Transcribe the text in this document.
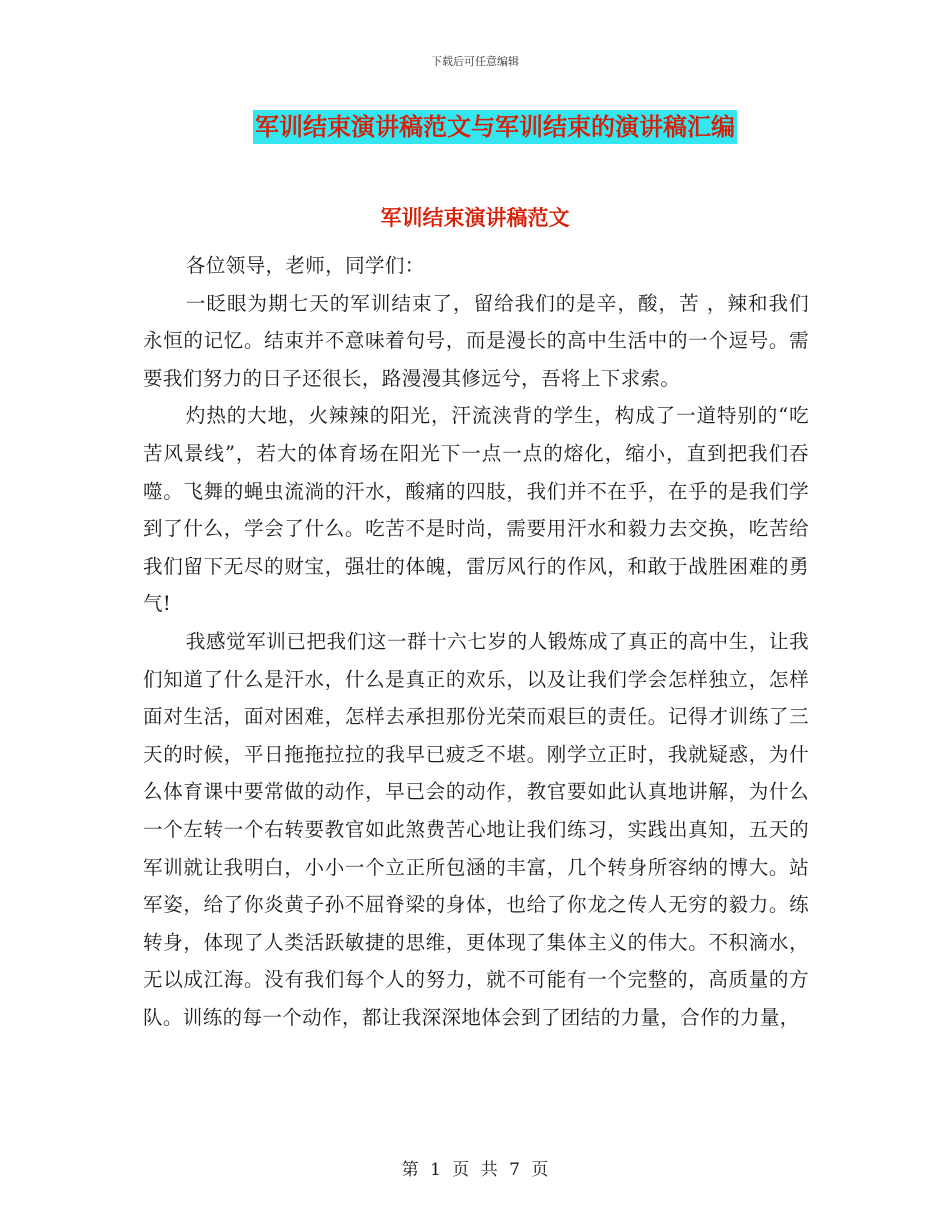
下载后可任意编辑
军训结束演讲稿范文与军训结束的演讲稿汇编
军训结束演讲稿范文

各位领导，老师，同学们：

一眨眼为期七天的军训结束了，留给我们的是辛，酸，苦 ，辣和我们永恒的记忆。结束并不意味着句号，而是漫长的高中生活中的一个逗号。需要我们努力的日子还很长，路漫漫其修远兮，吾将上下求索。

灼热的大地，火辣辣的阳光，汗流浃背的学生，构成了一道特别的“吃苦风景线”，若大的体育场在阳光下一点一点的熔化，缩小，直到把我们吞噬。飞舞的蝇虫流淌的汗水，酸痛的四肢，我们并不在乎，在乎的是我们学到了什么，学会了什么。吃苦不是时尚，需要用汗水和毅力去交换，吃苦给我们留下无尽的财宝，强壮的体魄，雷厉风行的作风，和敢于战胜困难的勇气!

我感觉军训已把我们这一群十六七岁的人锻炼成了真正的高中生，让我们知道了什么是汗水，什么是真正的欢乐，以及让我们学会怎样独立，怎样面对生活，面对困难，怎样去承担那份光荣而艰巨的责任。记得才训练了三天的时候，平日拖拖拉拉的我早已疲乏不堪。刚学立正时，我就疑惑，为什么体育课中要常做的动作，早已会的动作，教官要如此认真地讲解，为什么一个左转一个右转要教官如此煞费苦心地让我们练习，实践出真知，五天的军训就让我明白，小小一个立正所包涵的丰富，几个转身所容纳的博大。站军姿，给了你炎黄子孙不屈脊梁的身体，也给了你龙之传人无穷的毅力。练转身，体现了人类活跃敏捷的思维，更体现了集体主义的伟大。不积滴水，无以成江海。没有我们每个人的努力，就不可能有一个完整的，高质量的方队。训练的每一个动作，都让我深深地体会到了团结的力量，合作的力量，

第 1 页 共 7 页
